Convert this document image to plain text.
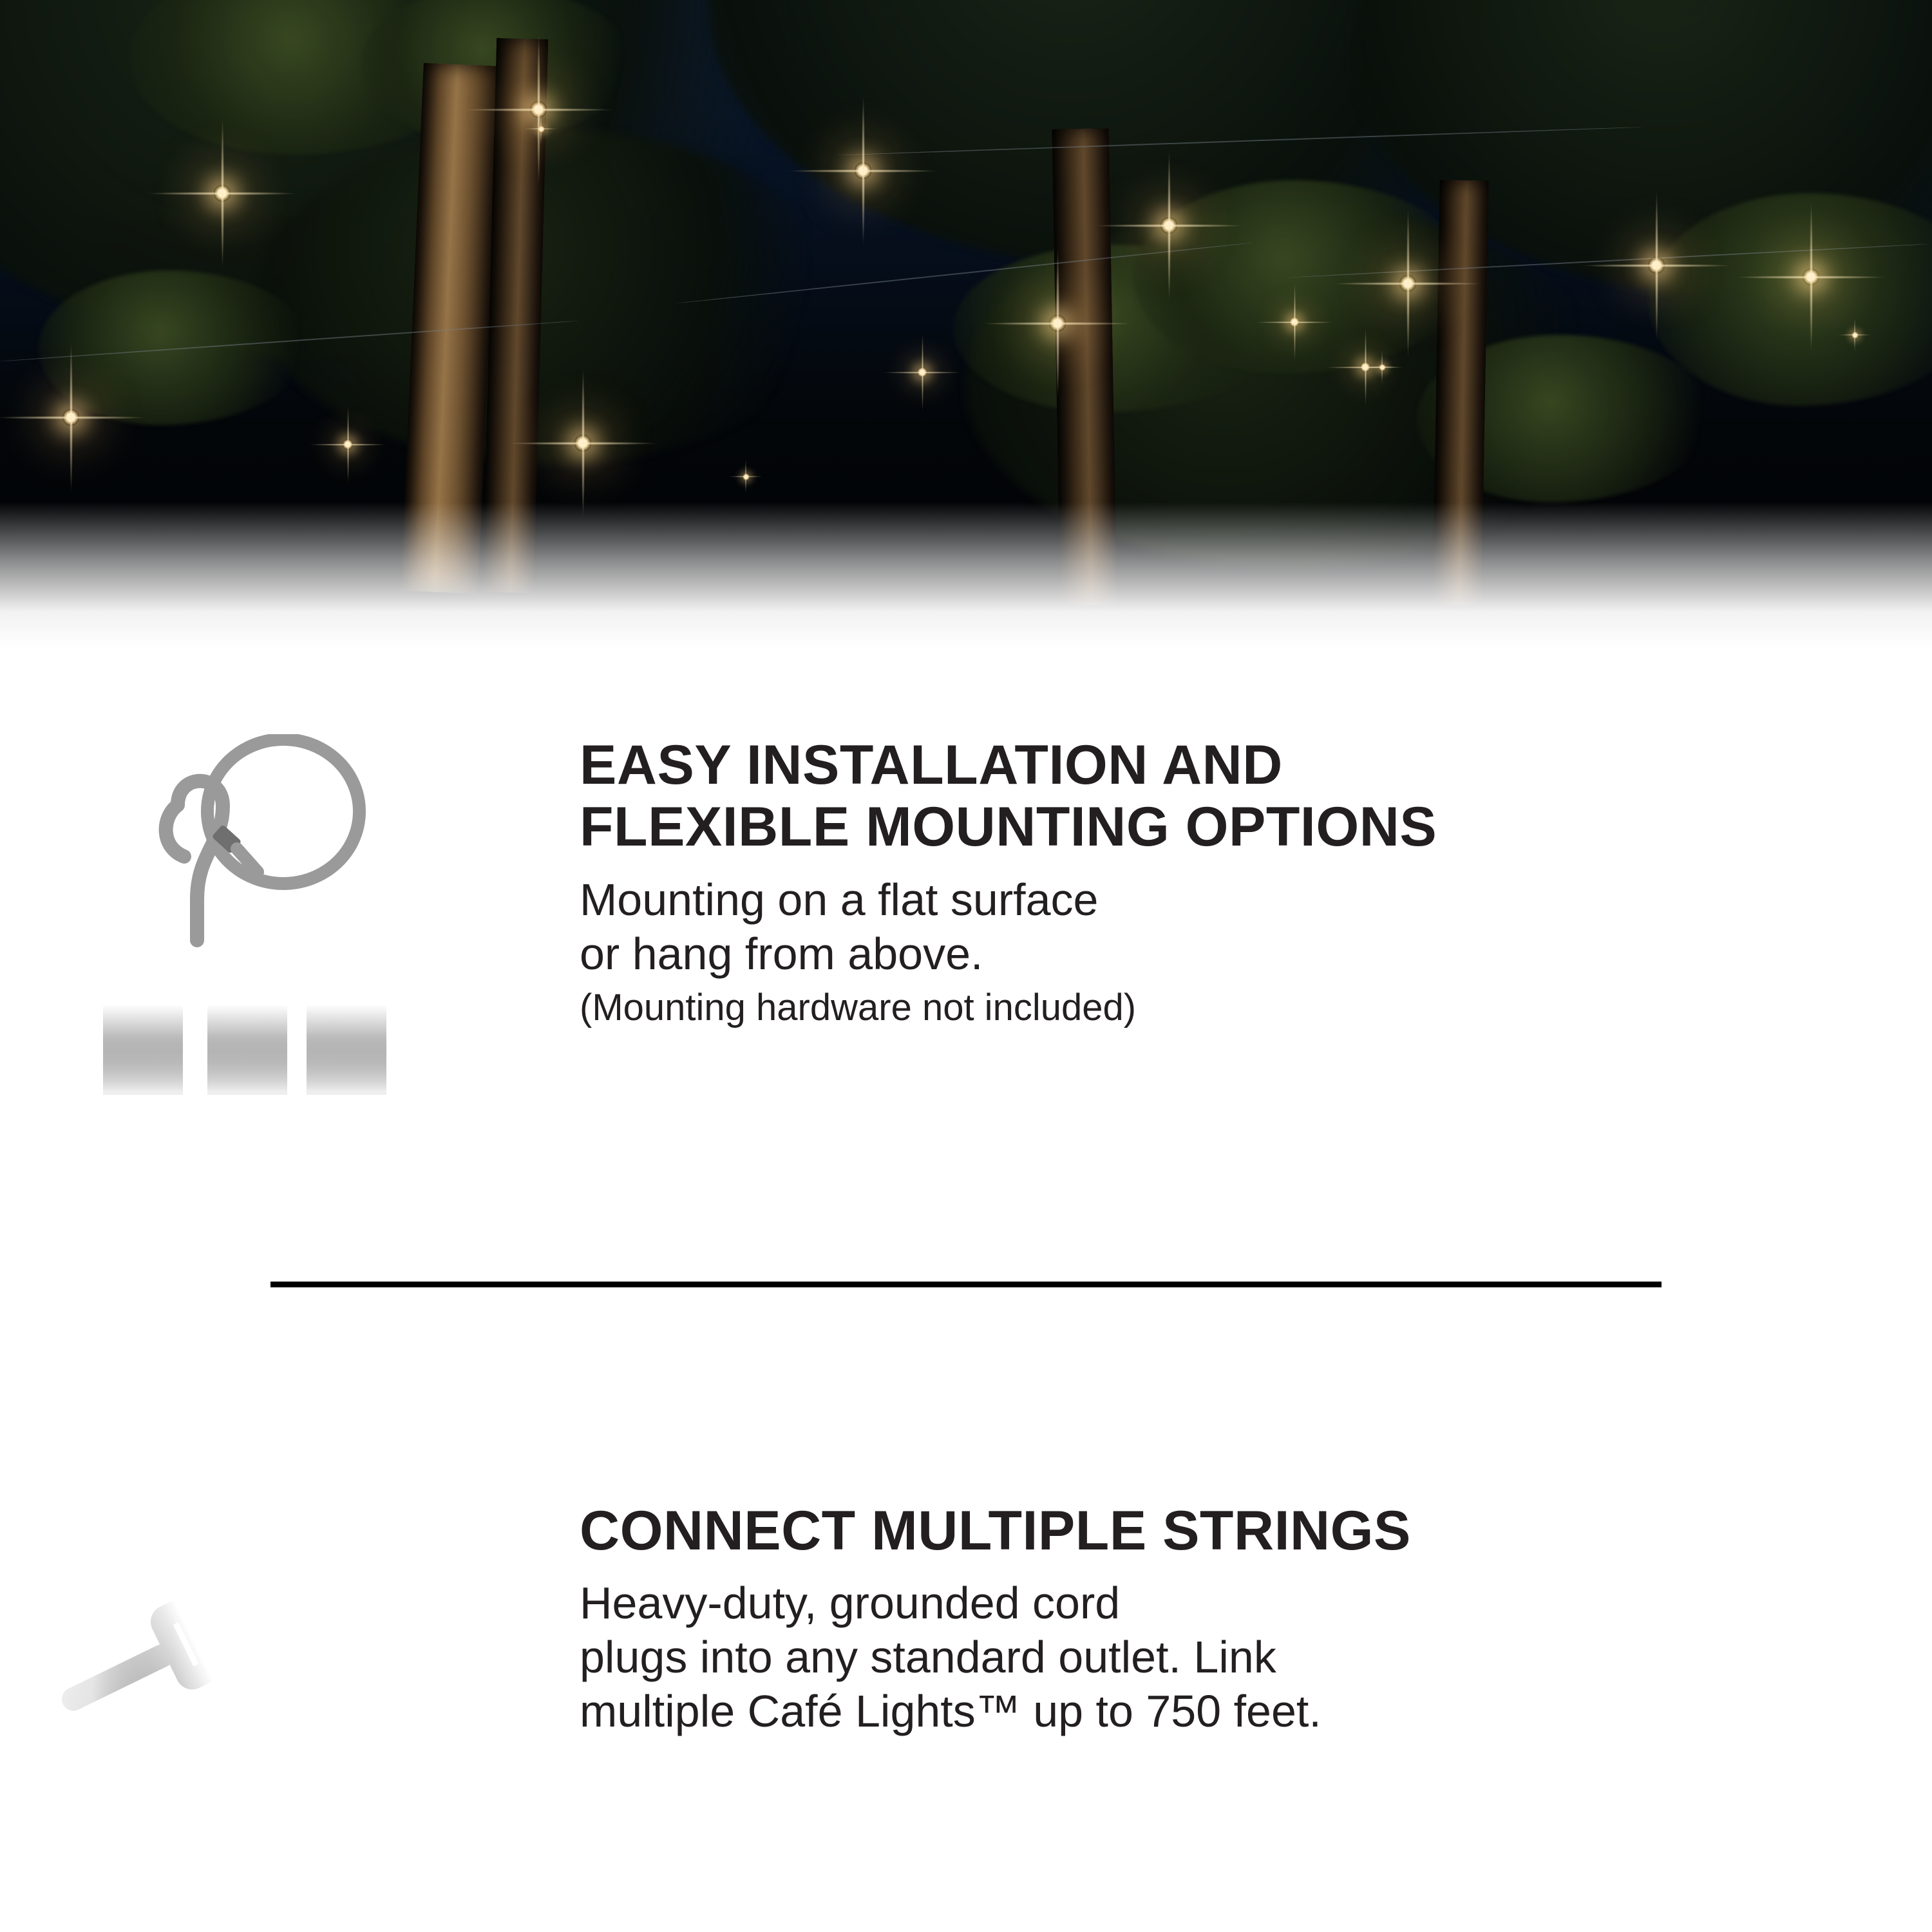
EASY INSTALLATION AND
FLEXIBLE MOUNTING OPTIONS

Mounting on a flat surface
or hang from above.

(Mounting hardware not included)

CONNECT MULTIPLE STRINGS

Heavy-duty, grounded cord
plugs into any standard outlet. Link
multiple Café Lights™ up to 750 feet.
